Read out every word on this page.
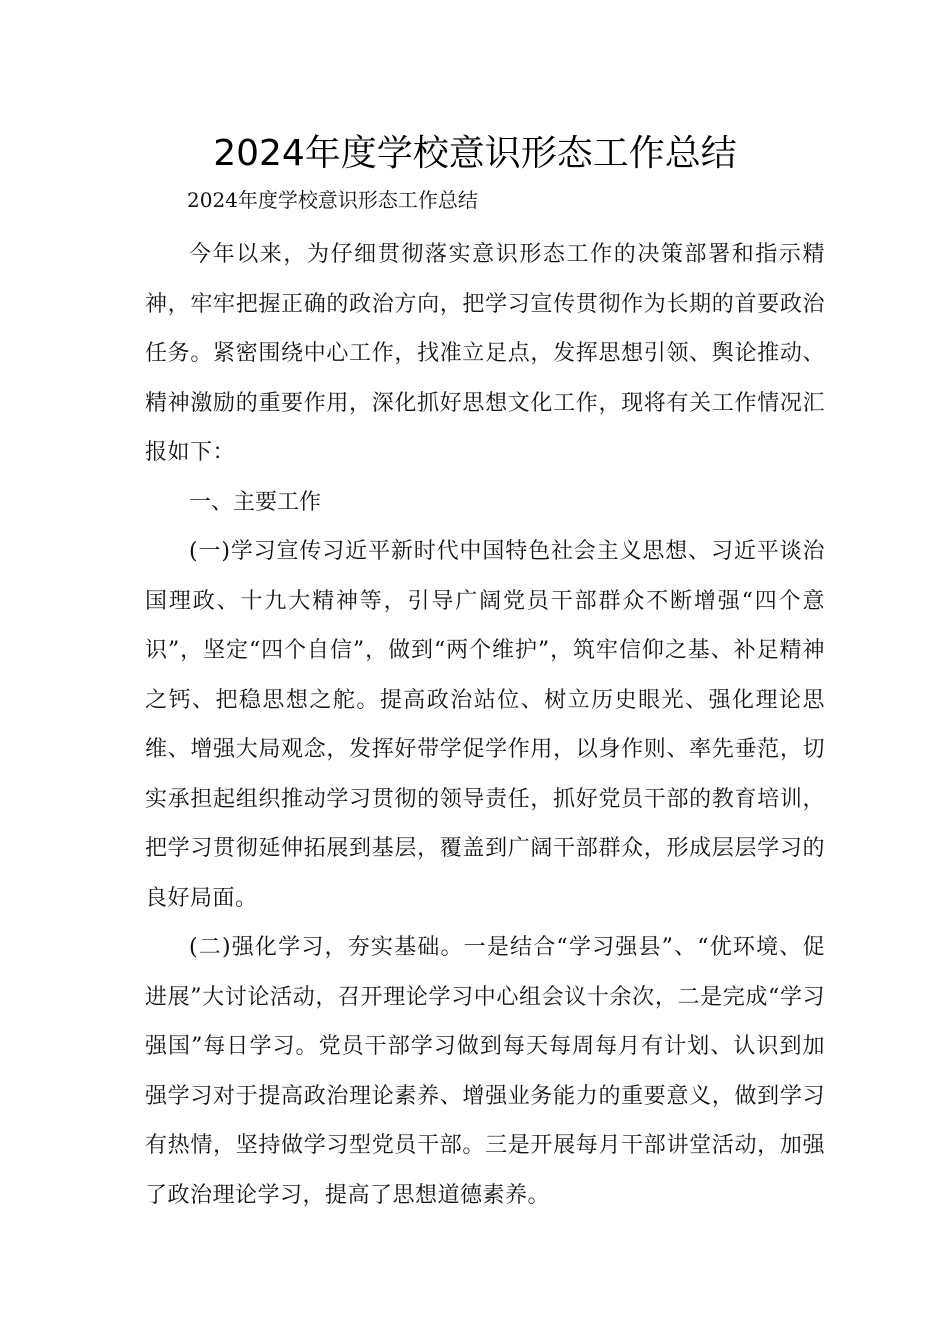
2024年度学校意识形态工作总结

2024年度学校意识形态工作总结

今年以来，为仔细贯彻落实意识形态工作的决策部署和指示精神，牢牢把握正确的政治方向，把学习宣传贯彻作为长期的首要政治任务。紧密围绕中心工作，找准立足点，发挥思想引领、舆论推动、精神激励的重要作用，深化抓好思想文化工作，现将有关工作情况汇报如下：

一、主要工作

(一)学习宣传习近平新时代中国特色社会主义思想、习近平谈治国理政、十九大精神等，引导广阔党员干部群众不断增强“四个意识”，坚定“四个自信”，做到“两个维护”，筑牢信仰之基、补足精神之钙、把稳思想之舵。提高政治站位、树立历史眼光、强化理论思维、增强大局观念，发挥好带学促学作用，以身作则、率先垂范，切实承担起组织推动学习贯彻的领导责任，抓好党员干部的教育培训，把学习贯彻延伸拓展到基层，覆盖到广阔干部群众，形成层层学习的良好局面。

(二)强化学习，夯实基础。一是结合“学习强县”、“优环境、促进展”大讨论活动，召开理论学习中心组会议十余次，二是完成“学习强国”每日学习。党员干部学习做到每天每周每月有计划、认识到加强学习对于提高政治理论素养、增强业务能力的重要意义，做到学习有热情，坚持做学习型党员干部。三是开展每月干部讲堂活动，加强了政治理论学习，提高了思想道德素养。
